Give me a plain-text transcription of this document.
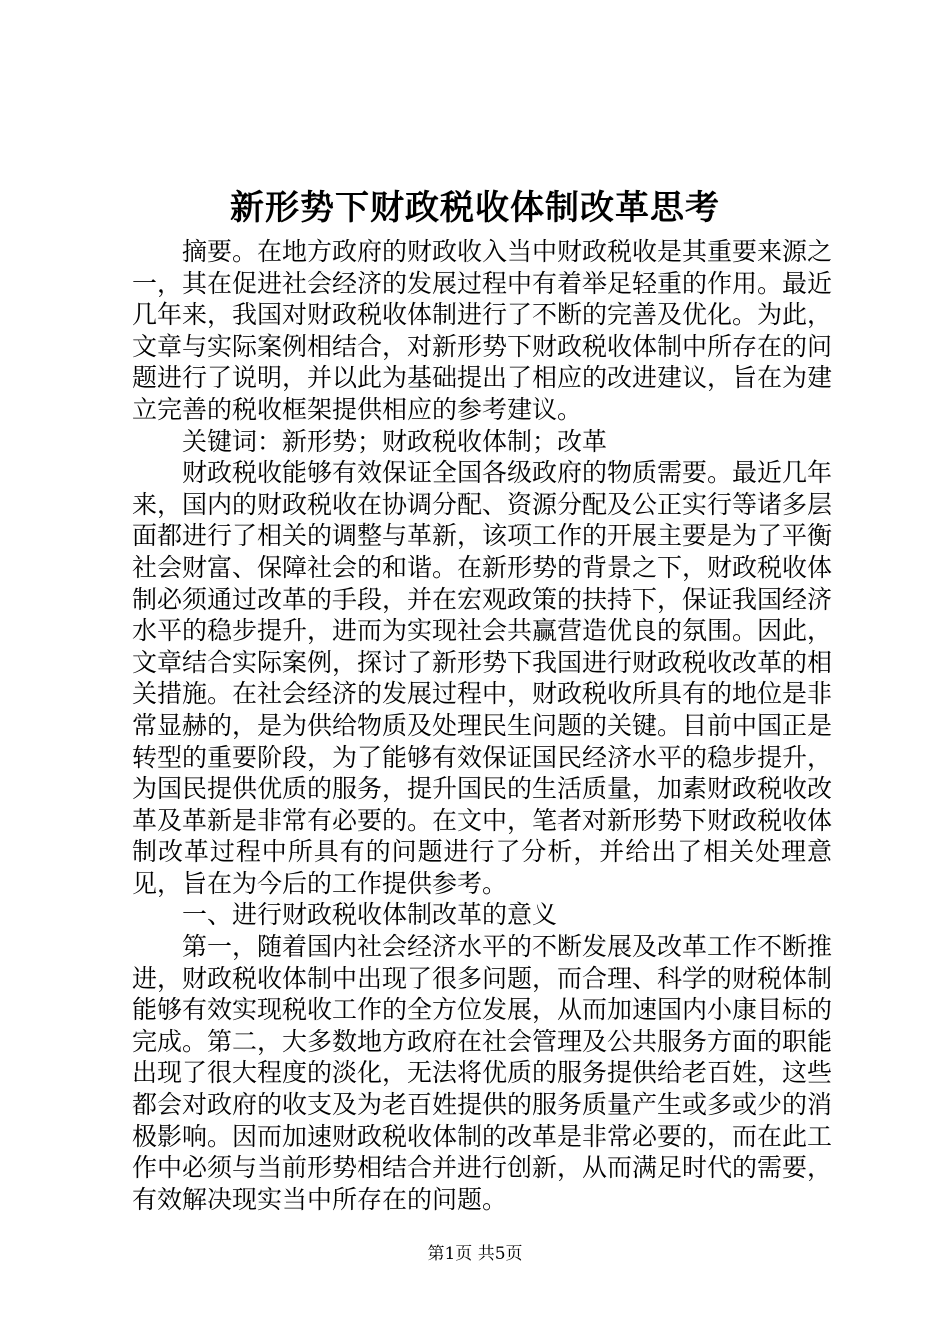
新形势下财政税收体制改革思考

摘要。在地方政府的财政收入当中财政税收是其重要来源之一，其在促进社会经济的发展过程中有着举足轻重的作用。最近几年来，我国对财政税收体制进行了不断的完善及优化。为此，文章与实际案例相结合，对新形势下财政税收体制中所存在的问题进行了说明，并以此为基础提出了相应的改进建议，旨在为建立完善的税收框架提供相应的参考建议。

关键词：新形势；财政税收体制；改革

财政税收能够有效保证全国各级政府的物质需要。最近几年来，国内的财政税收在协调分配、资源分配及公正实行等诸多层面都进行了相关的调整与革新，该项工作的开展主要是为了平衡社会财富、保障社会的和谐。在新形势的背景之下，财政税收体制必须通过改革的手段，并在宏观政策的扶持下，保证我国经济水平的稳步提升，进而为实现社会共赢营造优良的氛围。因此，文章结合实际案例，探讨了新形势下我国进行财政税收改革的相关措施。在社会经济的发展过程中，财政税收所具有的地位是非常显赫的，是为供给物质及处理民生问题的关键。目前中国正是转型的重要阶段，为了能够有效保证国民经济水平的稳步提升，为国民提供优质的服务，提升国民的生活质量，加素财政税收改革及革新是非常有必要的。在文中，笔者对新形势下财政税收体制改革过程中所具有的问题进行了分析，并给出了相关处理意见，旨在为今后的工作提供参考。

一、进行财政税收体制改革的意义

第一，随着国内社会经济水平的不断发展及改革工作不断推进，财政税收体制中出现了很多问题，而合理、科学的财税体制能够有效实现税收工作的全方位发展，从而加速国内小康目标的完成。第二，大多数地方政府在社会管理及公共服务方面的职能出现了很大程度的淡化，无法将优质的服务提供给老百姓，这些都会对政府的收支及为老百姓提供的服务质量产生或多或少的消极影响。因而加速财政税收体制的改革是非常必要的，而在此工作中必须与当前形势相结合并进行创新，从而满足时代的需要，有效解决现实当中所存在的问题。

第1页 共5页
